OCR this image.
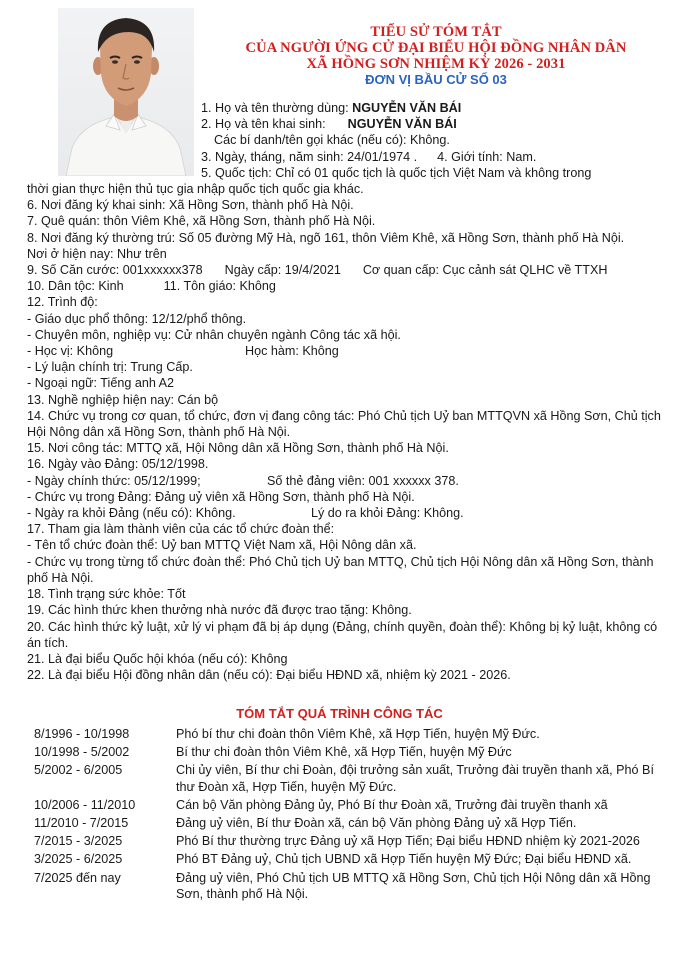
TIỂU SỬ TÓM TẮT
CỦA NGƯỜI ỨNG CỬ ĐẠI BIỂU HỘI ĐỒNG NHÂN DÂN
XÃ HỒNG SƠN NHIỆM KỲ 2026 - 2031
ĐƠN VỊ BẦU CỬ SỐ 03

1. Họ và tên thường dùng: NGUYỄN VĂN BÁI

2. Họ và tên khai sinh: NGUYỄN VĂN BÁI

Các bí danh/tên gọi khác (nếu có): Không.

3. Ngày, tháng, năm sinh: 24/01/1974 . 4. Giới tính: Nam.

5. Quốc tịch: Chỉ có 01 quốc tịch là quốc tịch Việt Nam và không trong

thời gian thực hiện thủ tục gia nhập quốc tịch quốc gia khác.

6. Nơi đăng ký khai sinh: Xã Hồng Sơn, thành phố Hà Nội.

7. Quê quán: thôn Viêm Khê, xã Hồng Sơn, thành phố Hà Nội.

8. Nơi đăng ký thường trú: Số 05 đường Mỹ Hà, ngõ 161, thôn Viêm Khê, xã Hồng Sơn, thành phố Hà Nội.

Nơi ở hiện nay: Như trên

9. Số Căn cước: 001xxxxxx378 Ngày cấp: 19/4/2021 Cơ quan cấp: Cục cảnh sát QLHC về TTXH

10. Dân tộc: Kinh	11. Tôn giáo: Không

12. Trình độ:

- Giáo dục phổ thông: 12/12/phổ thông.

- Chuyên môn, nghiệp vụ: Cử nhân chuyên ngành Công tác xã hội.

- Học vị: Không	Học hàm: Không

- Lý luận chính trị: Trung Cấp.

- Ngoại ngữ: Tiếng anh A2

13. Nghề nghiệp hiện nay: Cán bộ

14. Chức vụ trong cơ quan, tổ chức, đơn vị đang công tác: Phó Chủ tịch Uỷ ban MTTQVN xã Hồng Sơn, Chủ tịch Hội Nông dân xã Hồng Sơn, thành phố Hà Nội.

15. Nơi công tác: MTTQ xã, Hội Nông dân xã Hồng Sơn, thành phố Hà Nội.

16. Ngày vào Đảng: 05/12/1998.

- Ngày chính thức: 05/12/1999;	Số thẻ đảng viên: 001 xxxxxx 378.

- Chức vụ trong Đảng: Đảng uỷ viên xã Hồng Sơn, thành phố Hà Nội.

- Ngày ra khỏi Đảng (nếu có): Không.	Lý do ra khỏi Đảng: Không.

17. Tham gia làm thành viên của các tổ chức đoàn thể:

- Tên tổ chức đoàn thể: Uỷ ban MTTQ Việt Nam xã, Hội Nông dân xã.

- Chức vụ trong từng tổ chức đoàn thể: Phó Chủ tịch Uỷ ban MTTQ, Chủ tịch Hội Nông dân xã Hồng Sơn, thành phố Hà Nội.

18. Tình trạng sức khỏe: Tốt

19. Các hình thức khen thưởng nhà nước đã được trao tặng: Không.

20. Các hình thức kỷ luật, xử lý vi phạm đã bị áp dụng (Đảng, chính quyền, đoàn thể): Không bị kỷ luật, không có án tích.

21. Là đại biểu Quốc hội khóa (nếu có): Không

22. Là đại biểu Hội đồng nhân dân (nếu có): Đại biểu HĐND xã, nhiệm kỳ 2021 - 2026.

TÓM TẮT QUÁ TRÌNH CÔNG TÁC
8/1996 - 10/1998	Phó bí thư chi đoàn thôn Viêm Khê, xã Hợp Tiến, huyện Mỹ Đức.
10/1998 - 5/2002	Bí thư chi đoàn thôn Viêm Khê, xã Hợp Tiến, huyện Mỹ Đức
5/2002 - 6/2005	Chi ủy viên, Bí thư chi Đoàn, đội trưởng sản xuất, Trưởng đài truyền thanh xã, Phó Bí thư Đoàn xã, Hợp Tiến, huyện Mỹ Đức.
10/2006 - 11/2010	Cán bộ Văn phòng Đảng ủy, Phó Bí thư Đoàn xã, Trưởng đài truyền thanh xã
11/2010 - 7/2015	Đảng uỷ viên, Bí thư Đoàn xã, cán bộ Văn phòng Đảng uỷ xã Hợp Tiến.
7/2015 - 3/2025	Phó Bí thư thường trực Đảng uỷ xã Hợp Tiến; Đại biểu HĐND nhiệm kỳ 2021-2026
3/2025 - 6/2025	Phó BT Đảng uỷ, Chủ tịch UBND xã Hợp Tiến huyện Mỹ Đức; Đại biểu HĐND xã.
7/2025 đến nay	Đảng uỷ viên, Phó Chủ tịch UB MTTQ xã Hồng Sơn, Chủ tịch Hội Nông dân xã Hồng Sơn, thành phố Hà Nội.
